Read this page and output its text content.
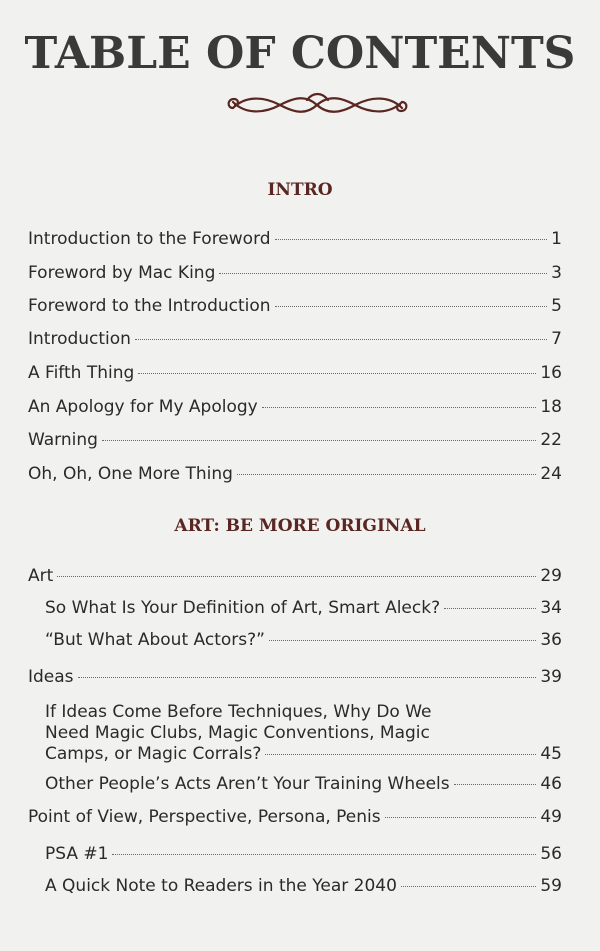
TABLE OF CONTENTS
INTRO
Introduction to the Foreword	1
Foreword by Mac King	3
Foreword to the Introduction	5
Introduction	7
A Fifth Thing	16
An Apology for My Apology	18
Warning	22
Oh, Oh, One More Thing	24
ART: BE MORE ORIGINAL
Art	29
So What Is Your Definition of Art, Smart Aleck?	34
“But What About Actors?”	36
Ideas	39
If Ideas Come Before Techniques, Why Do We
Need Magic Clubs, Magic Conventions, Magic
Camps, or Magic Corrals?	45
Other People’s Acts Aren’t Your Training Wheels	46
Point of View, Perspective, Persona, Penis	49
PSA #1	56
A Quick Note to Readers in the Year 2040	59
